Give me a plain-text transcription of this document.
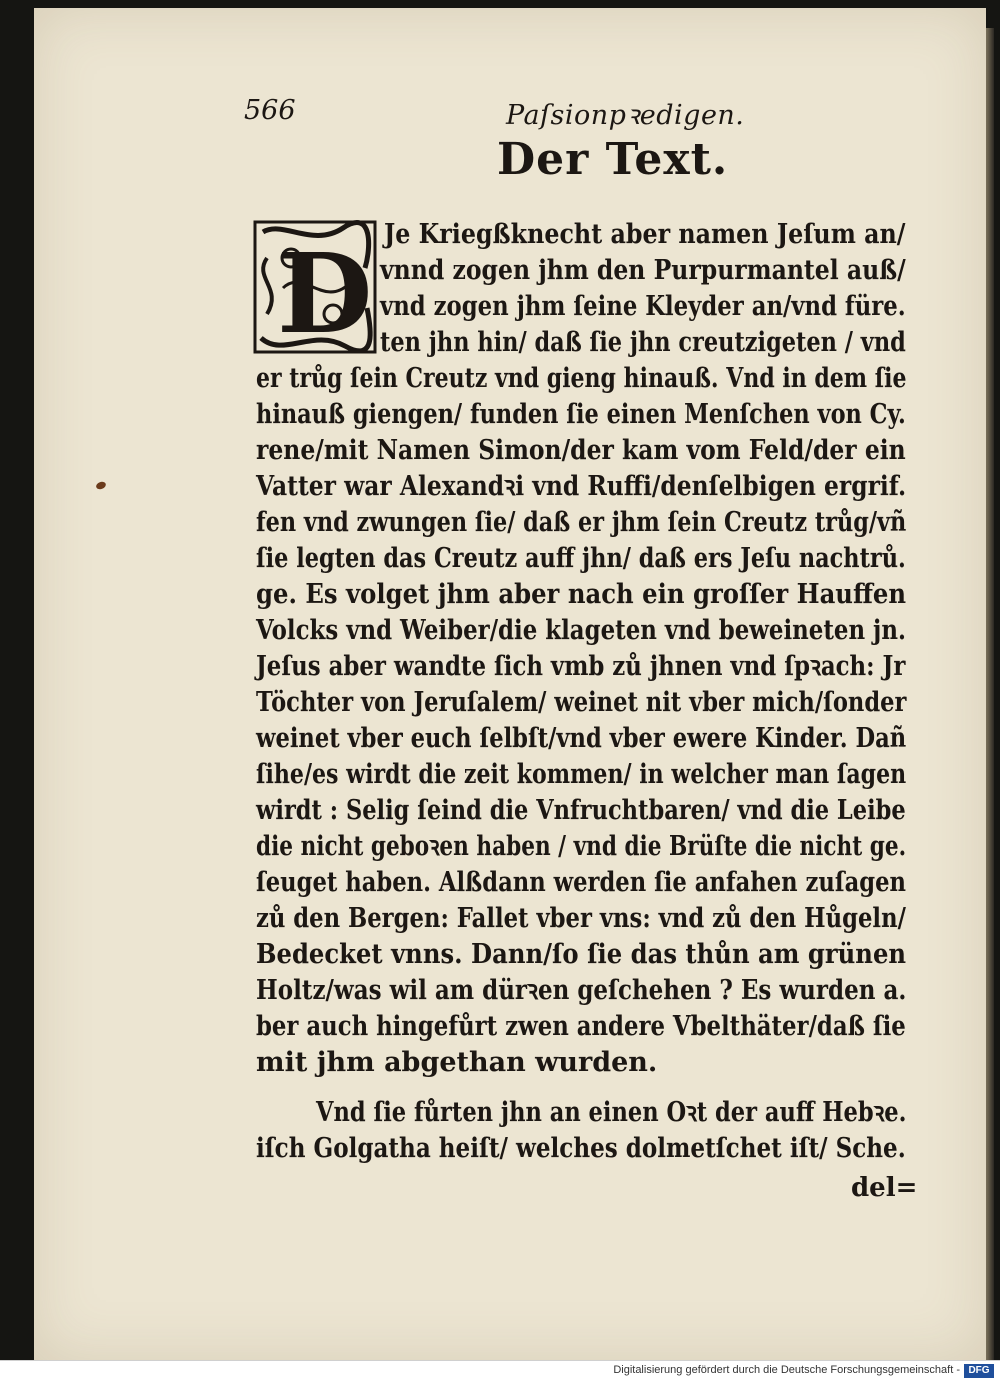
566	Paſsionpꝛedigen.
Der Text.
D Je Kriegßknecht aber namen Jeſum an/
vnnd zogen jhm den Purpurmantel auß/
vnd zogen jhm ſeine Kleyder an/vnd füre.
ten jhn hin/ daß ſie jhn creutzigeten / vnd
er trůg ſein Creutz vnd gieng hinauß. Vnd in dem ſie
hinauß giengen/ funden ſie einen Menſchen von Cy.
rene/mit Namen Simon/der kam vom Feld/der ein
Vatter war Alexandꝛi vnd Ruffi/denſelbigen ergrif.
fen vnd zwungen ſie/ daß er jhm ſein Creutz trůg/vñ
ſie legten das Creutz auff jhn/ daß ers Jeſu nachtrů.
ge. Es volget jhm aber nach ein groſſer Hauffen
Volcks vnd Weiber/die klageten vnd beweineten jn.
Jeſus aber wandte ſich vmb zů jhnen vnd ſpꝛach: Jr
Töchter von Jeruſalem/ weinet nit vber mich/ſonder
weinet vber euch ſelbſt/vnd vber ewere Kinder. Dañ
ſihe/es wirdt die zeit kommen/ in welcher man ſagen
wirdt : Selig ſeind die Vnfruchtbaren/ vnd die Leibe
die nicht geboꝛen haben / vnd die Brüſte die nicht ge.
ſeuget haben. Alßdann werden ſie anfahen zuſagen
zů den Bergen: Fallet vber vns: vnd zů den Hůgeln/
Bedecket vnns. Dann/ſo ſie das thůn am grünen
Holtz/was wil am dürꝛen geſchehen ? Es wurden a.
ber auch hingefůrt zwen andere Vbelthäter/daß ſie
mit jhm abgethan wurden.
Vnd ſie fůrten jhn an einen Oꝛt der auff Hebꝛe.
iſch Golgatha heiſt/ welches dolmetſchet iſt/ Sche.
del=
Digitalisierung gefördert durch die Deutsche Forschungsgemeinschaft - DFG
